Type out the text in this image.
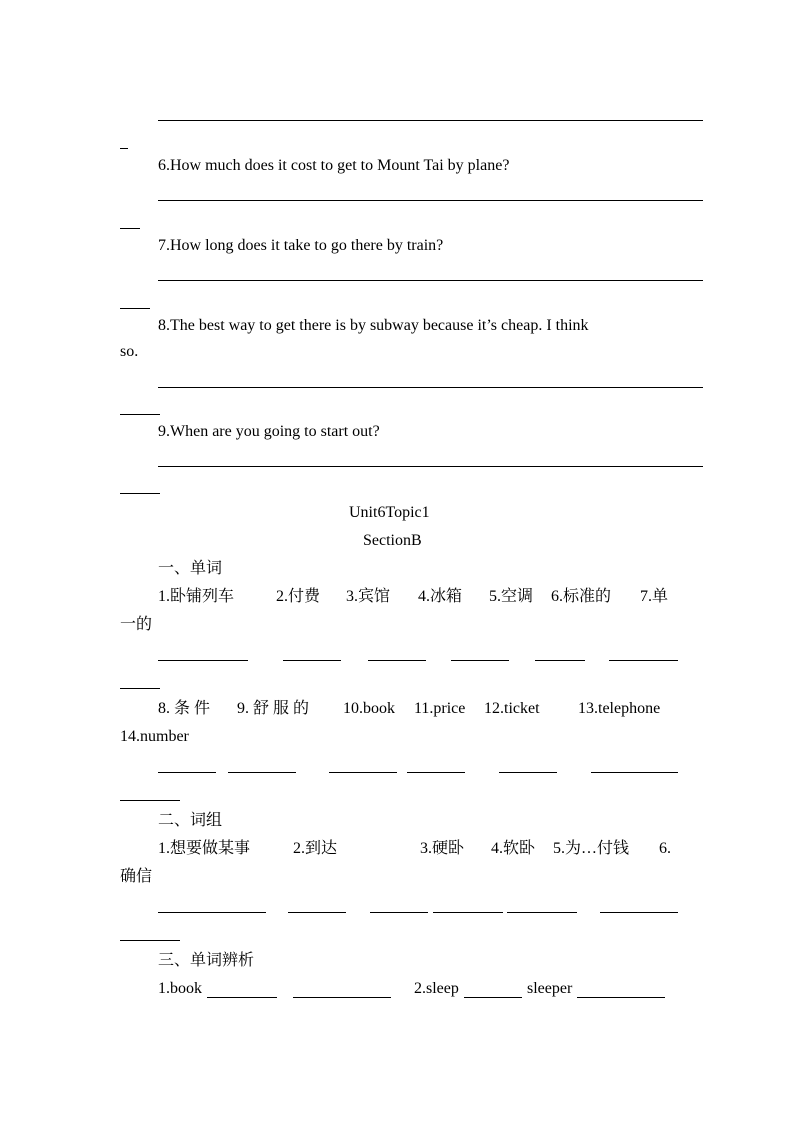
6.How much does it cost to get to Mount Tai by plane?
7.How long does it take to go there by train?
8.The best way to get there is by subway because it’s cheap. I think
so.
9.When are you going to start out?
Unit6Topic1
SectionB
一、单词
1.卧铺列车	2.付费 3.宾馆 4.冰箱 5.空调 6.标准的 7.单
一的
8. 条 件 9. 舒 服 的 10.book 11.price 12.ticket 13.telephone
14.number
二、词组
1.想要做某事	2.到达	3.硬卧 4.软卧 5.为…付钱 6.
确信
三、单词辨析
1.book	2.sleep	sleeper
